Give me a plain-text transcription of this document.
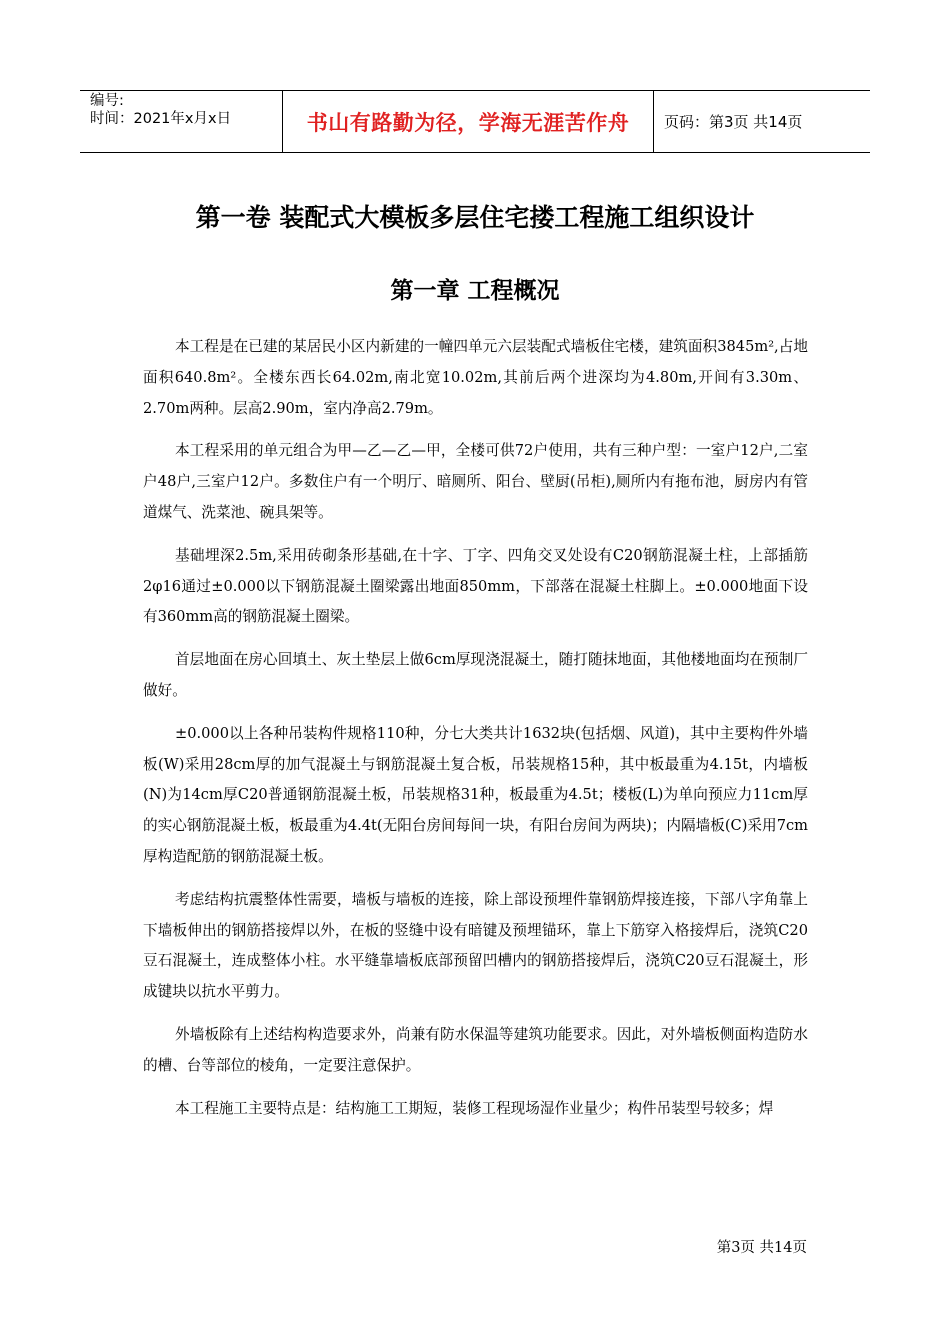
编号:
时间：2021年x月x日	书山有路勤为径，学海无涯苦作舟	页码：第3页 共14页
第一卷 装配式大模板多层住宅搂工程施工组织设计
第一章 工程概况

本工程是在已建的某居民小区内新建的一幢四单元六层装配式墙板住宅楼，建筑面积3845m²,占地面积640.8m²。全楼东西长64.02m,南北宽10.02m,其前后两个进深均为4.80m,开间有3.30m、2.70m两种。层高2.90m，室内净高2.79m。

本工程采用的单元组合为甲—乙—乙—甲，全楼可供72户使用，共有三种户型：一室户12户,二室户48户,三室户12户。多数住户有一个明厅、暗厕所、阳台、壁厨(吊柜),厕所内有拖布池，厨房内有管道煤气、洗菜池、碗具架等。

基础埋深2.5m,采用砖砌条形基础,在十字、丁字、四角交叉处设有C20钢筋混凝土柱，上部插筋2φ16通过±0.000以下钢筋混凝土圈梁露出地面850mm，下部落在混凝土柱脚上。±0.000地面下设有360mm高的钢筋混凝土圈梁。

首层地面在房心回填土、灰土垫层上做6cm厚现浇混凝土，随打随抹地面，其他楼地面均在预制厂做好。

±0.000以上各种吊装构件规格110种，分七大类共计1632块(包括烟、风道)，其中主要构件外墙板(W)采用28cm厚的加气混凝土与钢筋混凝土复合板，吊装规格15种，其中板最重为4.15t，内墙板(N)为14cm厚C20普通钢筋混凝土板，吊装规格31种，板最重为4.5t；楼板(L)为单向预应力11cm厚的实心钢筋混凝土板，板最重为4.4t(无阳台房间每间一块，有阳台房间为两块)；内隔墙板(C)采用7cm厚构造配筋的钢筋混凝土板。

考虑结构抗震整体性需要，墙板与墙板的连接，除上部设预埋件靠钢筋焊接连接，下部八字角靠上下墙板伸出的钢筋搭接焊以外，在板的竖缝中设有暗键及预埋锚环，靠上下筋穿入格接焊后，浇筑C20豆石混凝土，连成整体小柱。水平缝靠墙板底部预留凹槽内的钢筋搭接焊后，浇筑C20豆石混凝土，形成键块以抗水平剪力。

外墙板除有上述结构构造要求外，尚兼有防水保温等建筑功能要求。因此，对外墙板侧面构造防水的槽、台等部位的棱角，一定要注意保护。

本工程施工主要特点是：结构施工工期短，装修工程现场湿作业量少；构件吊装型号较多；焊

第3页 共14页
